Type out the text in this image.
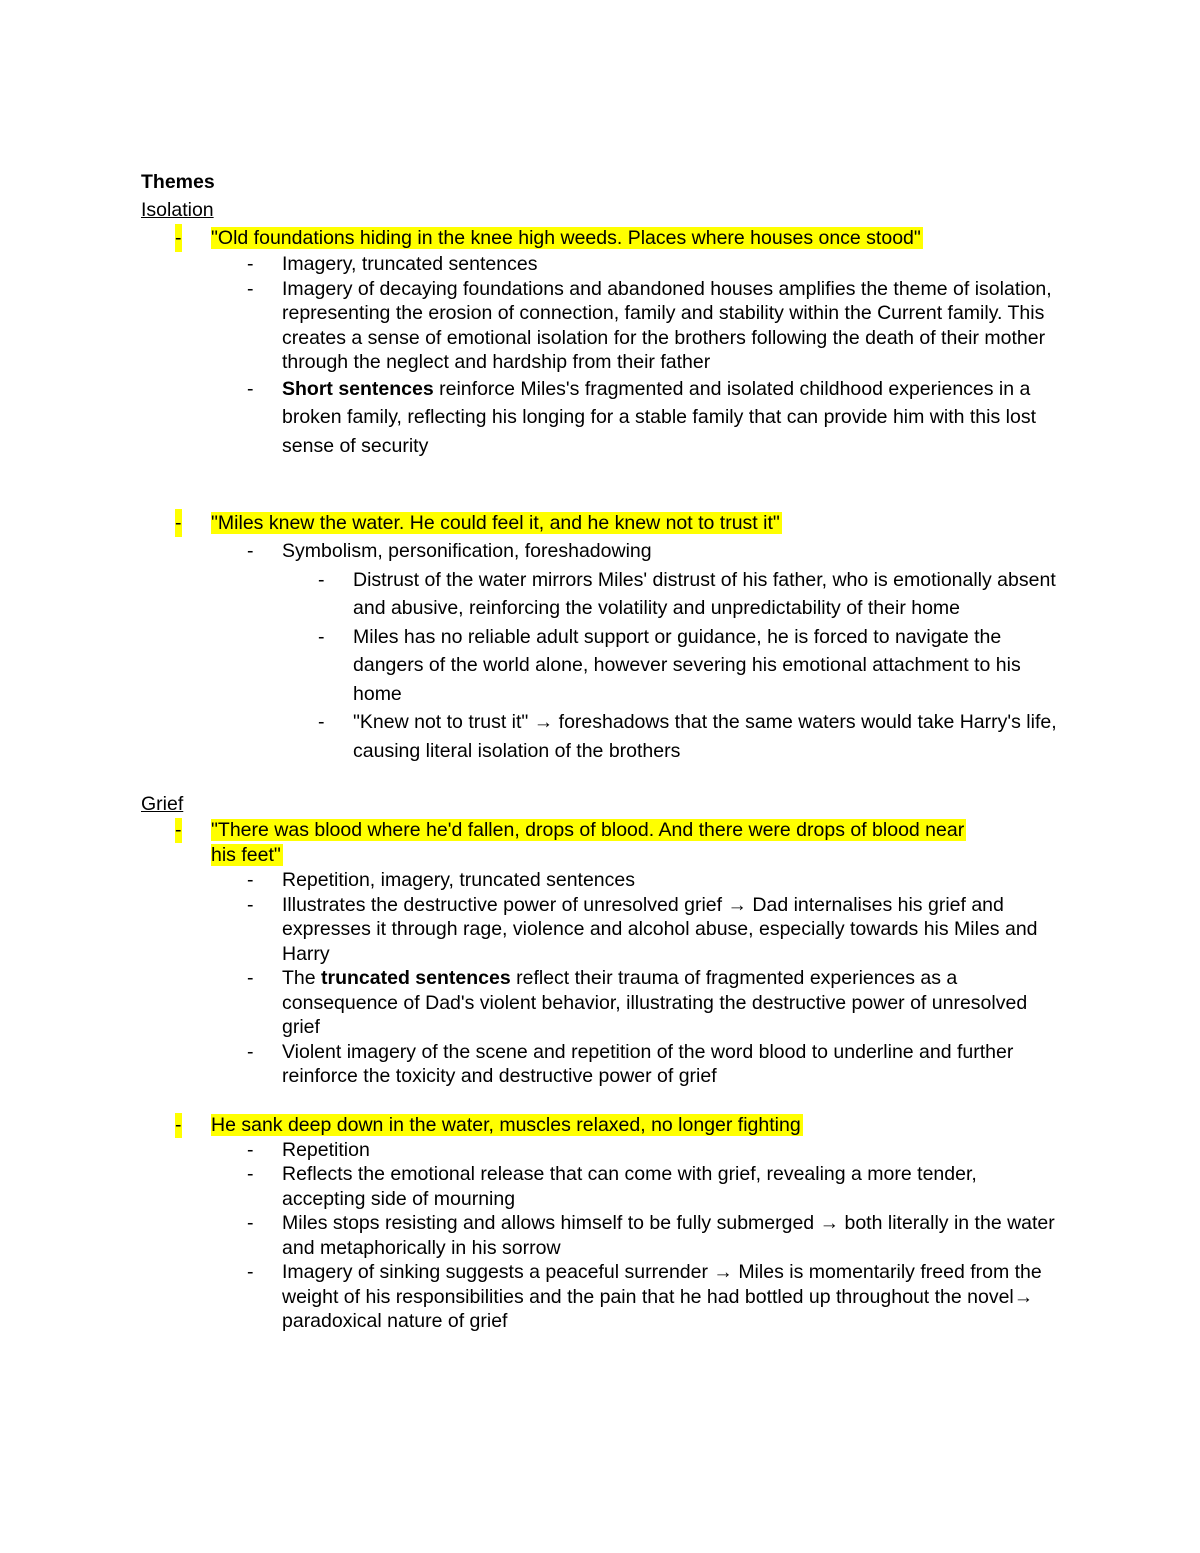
Themes

Isolation

- "Old foundations hiding in the knee high weeds. Places where houses once stood"
- Imagery, truncated sentences
- Imagery of decaying foundations and abandoned houses amplifies the theme of isolation, representing the erosion of connection, family and stability within the Current family. This creates a sense of emotional isolation for the brothers following the death of their mother through the neglect and hardship from their father
- Short sentences reinforce Miles's fragmented and isolated childhood experiences in a broken family, reflecting his longing for a stable family that can provide him with this lost sense of security
- "Miles knew the water. He could feel it, and he knew not to trust it"
- Symbolism, personification, foreshadowing
- Distrust of the water mirrors Miles' distrust of his father, who is emotionally absent and abusive, reinforcing the volatility and unpredictability of their home
- Miles has no reliable adult support or guidance, he is forced to navigate the dangers of the world alone, however severing his emotional attachment to his home
- "Knew not to trust it" → foreshadows that the same waters would take Harry's life, causing literal isolation of the brothers

Grief

- "There was blood where he'd fallen, drops of blood. And there were drops of blood near
his feet"
- Repetition, imagery, truncated sentences
- Illustrates the destructive power of unresolved grief → Dad internalises his grief and expresses it through rage, violence and alcohol abuse, especially towards his Miles and Harry
- The truncated sentences reflect their trauma of fragmented experiences as a consequence of Dad's violent behavior, illustrating the destructive power of unresolved grief
- Violent imagery of the scene and repetition of the word blood to underline and further reinforce the toxicity and destructive power of grief
- He sank deep down in the water, muscles relaxed, no longer fighting
- Repetition
- Reflects the emotional release that can come with grief, revealing a more tender, accepting side of mourning
- Miles stops resisting and allows himself to be fully submerged → both literally in the water and metaphorically in his sorrow
- Imagery of sinking suggests a peaceful surrender → Miles is momentarily freed from the weight of his responsibilities and the pain that he had bottled up throughout the novel→ paradoxical nature of grief
